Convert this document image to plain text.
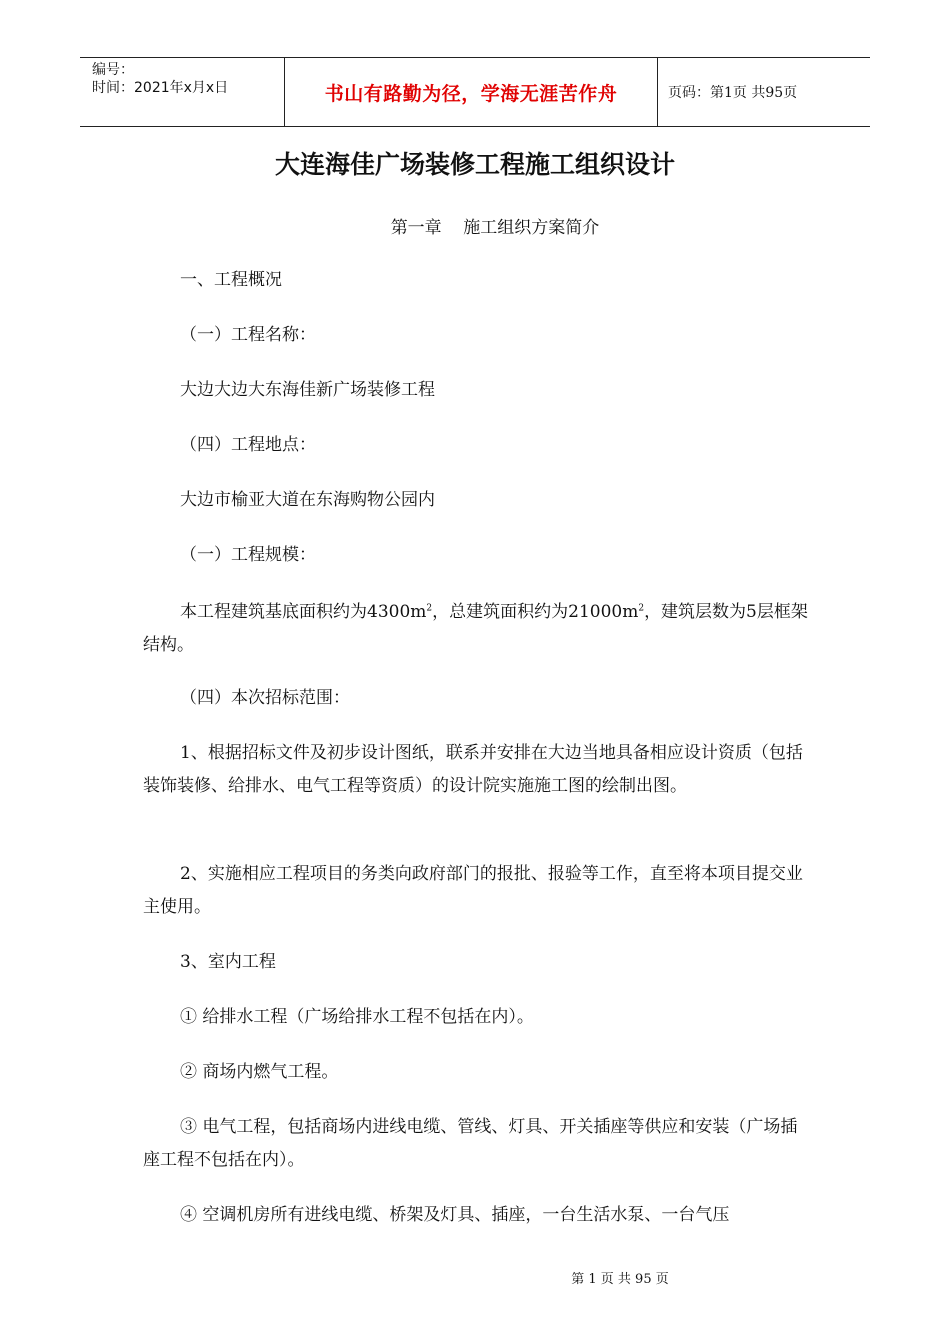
编号：
时间：2021年x月x日	书山有路勤为径，学海无涯苦作舟	页码：第1页 共95页
大连海佳广场装修工程施工组织设计
第一章    施工组织方案简介

一、工程概况

（一）工程名称：

大边大边大东海佳新广场装修工程

（四）工程地点：

大边市榆亚大道在东海购物公园内

（一）工程规模：

本工程建筑基底面积约为$4300m^2$，总建筑面积约为$21000m^2$，建筑层数为5层框架结构。

（四）本次招标范围：

1、根据招标文件及初步设计图纸，联系并安排在大边当地具备相应设计资质（包括装饰装修、给排水、电气工程等资质）的设计院实施施工图的绘制出图。

2、实施相应工程项目的务类向政府部门的报批、报验等工作，直至将本项目提交业主使用。

3、室内工程

① 给排水工程（广场给排水工程不包括在内）。

② 商场内燃气工程。

③ 电气工程，包括商场内进线电缆、管线、灯具、开关插座等供应和安装（广场插座工程不包括在内）。

④ 空调机房所有进线电缆、桥架及灯具、插座，一台生活水泵、一台气压

第 1 页 共 95 页
